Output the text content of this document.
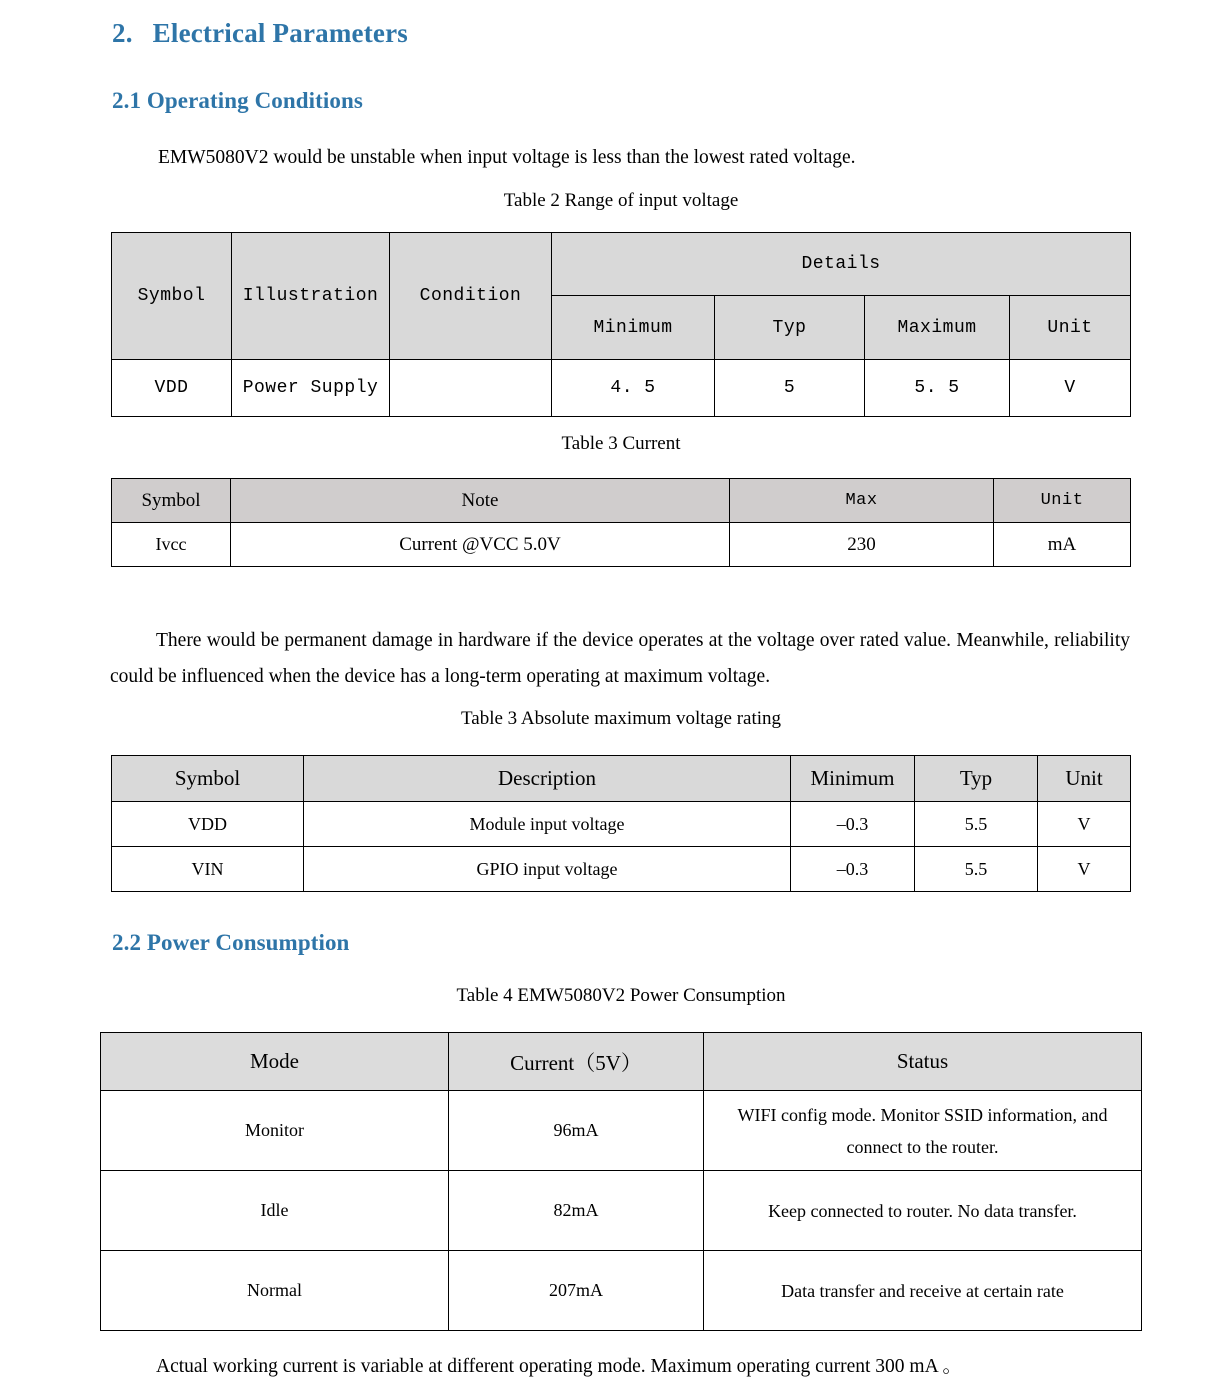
2. Electrical Parameters
2.1 Operating Conditions
EMW5080V2 would be unstable when input voltage is less than the lowest rated voltage.
Table 2 Range of input voltage
Symbol	Illustration	Condition	Details			
			Minimum	Typ	Maximum	Unit
VDD	Power Supply		4. 5	5	5. 5	V
Table 3 Current
Symbol	Note	Max	Unit
Ivcc	Current @VCC 5.0V	230	mA
There would be permanent damage in hardware if the device operates at the voltage over rated value. Meanwhile, reliability could be influenced when the device has a long-term operating at maximum voltage.
Table 3 Absolute maximum voltage rating
Symbol	Description	Minimum	Typ	Unit
VDD	Module input voltage	–0.3	5.5	V
VIN	GPIO input voltage	–0.3	5.5	V
2.2 Power Consumption
Table 4 EMW5080V2 Power Consumption
Mode	Current（5V）	Status
Monitor	96mA	WIFI config mode. Monitor SSID information, and connect to the router.
Idle	82mA	Keep connected to router. No data transfer.
Normal	207mA	Data transfer and receive at certain rate
Actual working current is variable at different operating mode. Maximum operating current 300 mA 。
